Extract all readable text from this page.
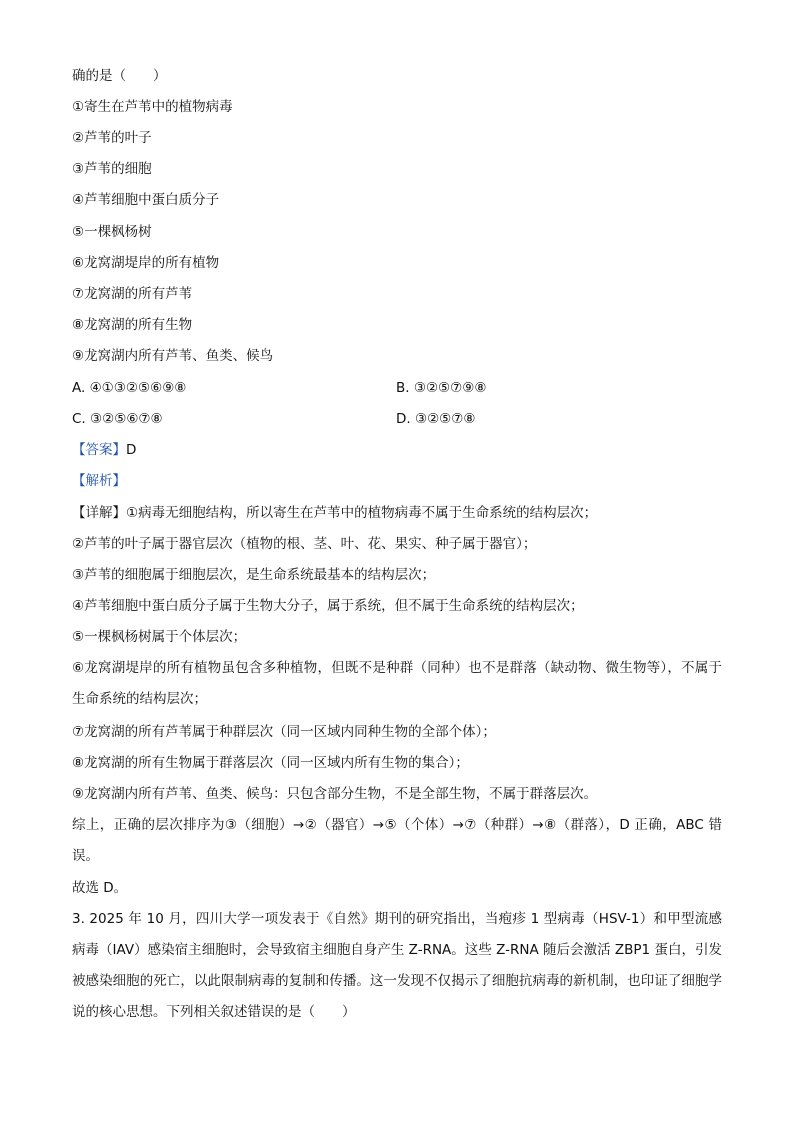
确的是（　　）
①寄生在芦苇中的植物病毒
②芦苇的叶子
③芦苇的细胞
④芦苇细胞中蛋白质分子
⑤一棵枫杨树
⑥龙窝湖堤岸的所有植物
⑦龙窝湖的所有芦苇
⑧龙窝湖的所有生物
⑨龙窝湖内所有芦苇、鱼类、候鸟
A. ④①③②⑤⑥⑨⑧	B. ③②⑤⑦⑨⑧
C. ③②⑤⑥⑦⑧	D. ③②⑤⑦⑧
【答案】D
【解析】
【详解】①病毒无细胞结构，所以寄生在芦苇中的植物病毒不属于生命系统的结构层次；
②芦苇的叶子属于器官层次（植物的根、茎、叶、花、果实、种子属于器官）；
③芦苇的细胞属于细胞层次，是生命系统最基本的结构层次；
④芦苇细胞中蛋白质分子属于生物大分子，属于系统，但不属于生命系统的结构层次；
⑤一棵枫杨树属于个体层次；
⑥龙窝湖堤岸的所有植物虽包含多种植物，但既不是种群（同种）也不是群落（缺动物、微生物等），不属于生命系统的结构层次；
⑦龙窝湖的所有芦苇属于种群层次（同一区域内同种生物的全部个体）；
⑧龙窝湖的所有生物属于群落层次（同一区域内所有生物的集合）；
⑨龙窝湖内所有芦苇、鱼类、候鸟：只包含部分生物，不是全部生物，不属于群落层次。
综上，正确的层次排序为③（细胞）→②（器官）→⑤（个体）→⑦（种群）→⑧（群落），D 正确，ABC 错误。
故选 D。
3. 2025 年 10 月，四川大学一项发表于《自然》期刊的研究指出，当疱疹 1 型病毒（HSV-1）和甲型流感病毒（IAV）感染宿主细胞时，会导致宿主细胞自身产生 Z-RNA。这些 Z-RNA 随后会激活 ZBP1 蛋白，引发被感染细胞的死亡，以此限制病毒的复制和传播。这一发现不仅揭示了细胞抗病毒的新机制，也印证了细胞学说的核心思想。下列相关叙述错误的是（　　）
